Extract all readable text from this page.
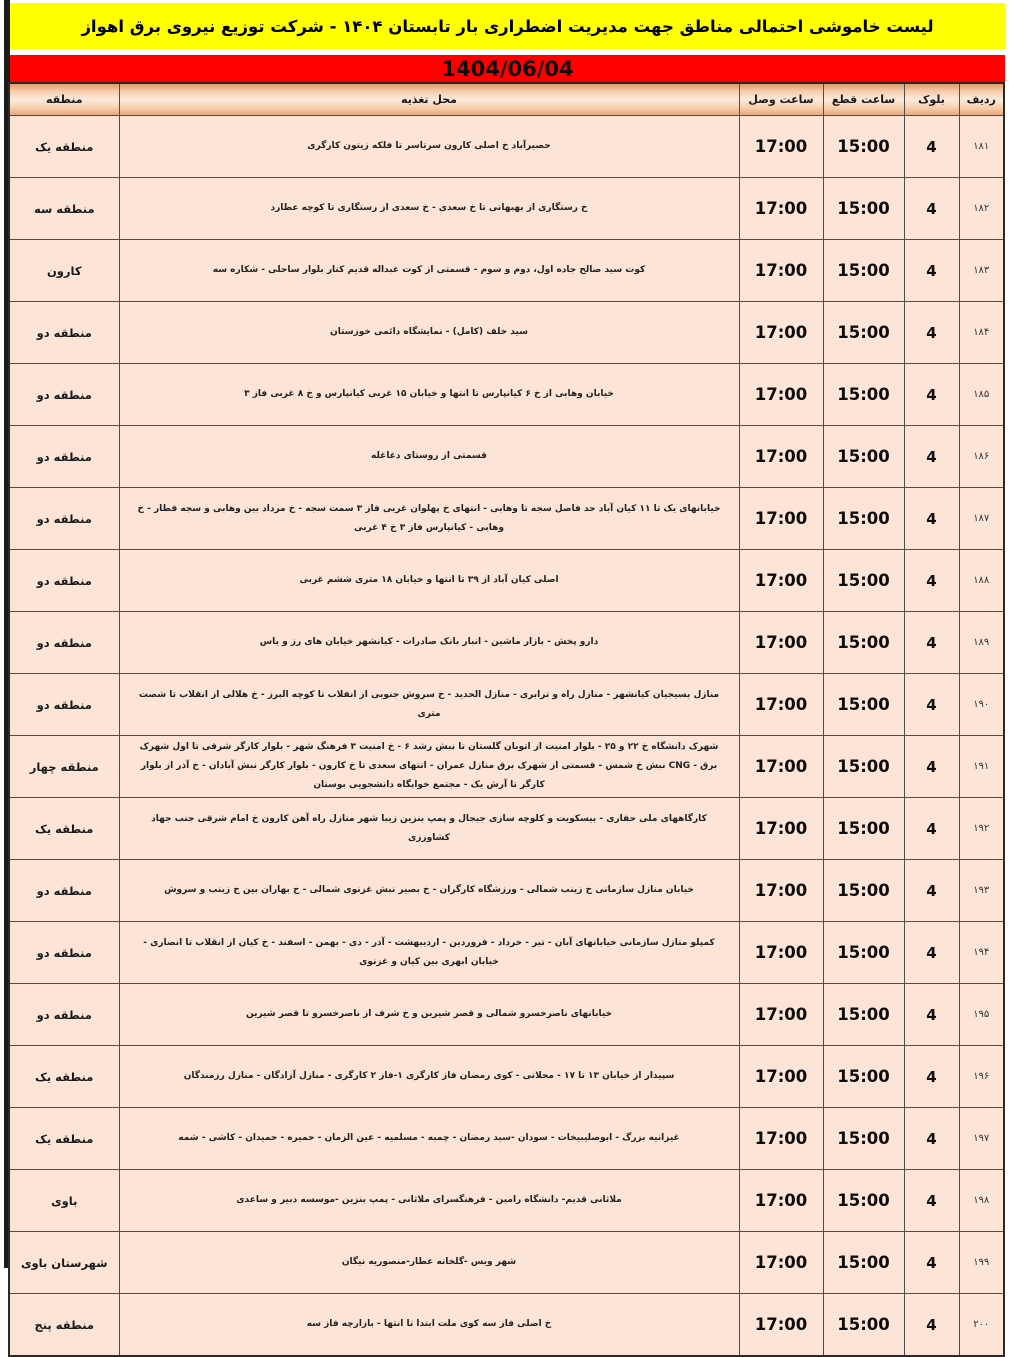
لیست خاموشی احتمالی مناطق جهت مدیریت اضطراری بار تابستان ۱۴۰۴ - شرکت توزیع نیروی برق اهواز
1404/06/04
ردیف	بلوک	ساعت قطع	ساعت وصل	محل تغذیه	منطقه
۱۸۱	4	15:00	17:00	حصیرآباد خ اصلی کارون سرتاسر تا فلکه زیتون کارگری	منطقه یک
۱۸۲	4	15:00	17:00	خ رستگاری از بهبهانی تا خ سعدی - خ سعدی از رستگاری تا کوچه عطارد	منطقه سه
۱۸۳	4	15:00	17:00	کوت سید صالح جاده اول، دوم و سوم - قسمتی از کوت عبداله قدیم کنار بلوار ساحلی - شکاره سه	کارون
۱۸۴	4	15:00	17:00	سید خلف (کامل) - نمایشگاه دائمی خوزستان	منطقه دو
۱۸۵	4	15:00	17:00	خیابان وهابی از خ ۶ کیانپارس تا انتها و خیابان ۱۵ غربی کیانپارس و خ ۸ غربی فاز ۳	منطقه دو
۱۸۶	4	15:00	17:00	قسمتی از روستای دغاغله	منطقه دو
۱۸۷	4	15:00	17:00	خیابانهای یک تا ۱۱ کیان آباد حد فاصل سجه تا وهابی - انتهای خ پهلوان غربی فاز ۳ سمت سجه - خ مرداد بین وهابی و سجه قطار - خ وهابی - کیانپارس فاز ۳ خ ۴ غربی	منطقه دو
۱۸۸	4	15:00	17:00	اصلی کیان آباد از ۳۹ تا انتها و خیابان ۱۸ متری ششم غربی	منطقه دو
۱۸۹	4	15:00	17:00	دارو پخش - بازار ماشین - انبار بانک صادرات - کیانشهر خیابان های رز و یاس	منطقه دو
۱۹۰	4	15:00	17:00	منازل بسیجیان کیانشهر - منازل راه و ترابری - منازل الحدید - خ سروش جنوبی از انقلاب تا کوچه البرز - خ هلالی از انقلاب تا شصت متری	منطقه دو
۱۹۱	4	15:00	17:00	شهرک دانشگاه خ ۲۲ و ۲۵ - بلوار امنیت از اتوبان گلستان تا نبش رشد ۶ - خ امنیت ۳ فرهنگ شهر - بلوار کارگر شرقی تا اول شهرک برق - CNG نبش خ شمس - قسمتی از شهرک برق منازل عمران - انتهای سعدی تا خ کارون - بلوار کارگر نبش آبادان - خ آذر از بلوار کارگر تا آرش یک - مجتمع خوابگاه دانشجویی بوستان	منطقه چهار
۱۹۲	4	15:00	17:00	کارگاههای ملی حفاری - بیسکویت و کلوچه سازی جیجال و پمپ بنزین زیبا شهر منازل راه آهن کارون خ امام شرقی جنب جهاد کشاورزی	منطقه یک
۱۹۳	4	15:00	17:00	خیابان منازل سازمانی خ زینب شمالی - ورزشگاه کارگران - خ بصیر نبش غزنوی شمالی - خ بهاران بین خ زینب و سروش	منطقه دو
۱۹۴	4	15:00	17:00	کمپلو منازل سازمانی خیابانهای آبان - تیر - خرداد - فروردین - اردیبهشت - آذر - دی - بهمن - اسفند - خ کیان از انقلاب تا انصاری - خیابان ابهری بین کیان و غزنوی	منطقه دو
۱۹۵	4	15:00	17:00	خیابانهای ناصرخسرو شمالی و قصر شیرین و خ شرف از ناصرخسرو تا قصر شیرین	منطقه دو
۱۹۶	4	15:00	17:00	سپیدار از خیابان ۱۳ تا ۱۷ - محلاتی - کوی رمضان فاز کارگری ۱-فاز ۲ کارگری - منازل آزادگان - منازل رزمندگان	منطقه یک
۱۹۷	4	15:00	17:00	غیزانیه بزرگ - ابوصلیبیخات - سودان -سید رمضان - چمبه - مسلمیه - عین الزمان - حمیره - حمیدان - کاشی - شمه	منطقه یک
۱۹۸	4	15:00	17:00	ملاثانی قدیم- دانشگاه رامین - فرهنگسرای ملاثانی - پمپ بنزین -موسسه دبیر و ساعدی	باوی
۱۹۹	4	15:00	17:00	شهر ویس -گلخانه عطار-منصوریه نیگان	شهرستان باوی
۲۰۰	4	15:00	17:00	خ اصلی فاز سه کوی ملت ابتدا تا انتها - بازارچه فاز سه	منطقه پنج
